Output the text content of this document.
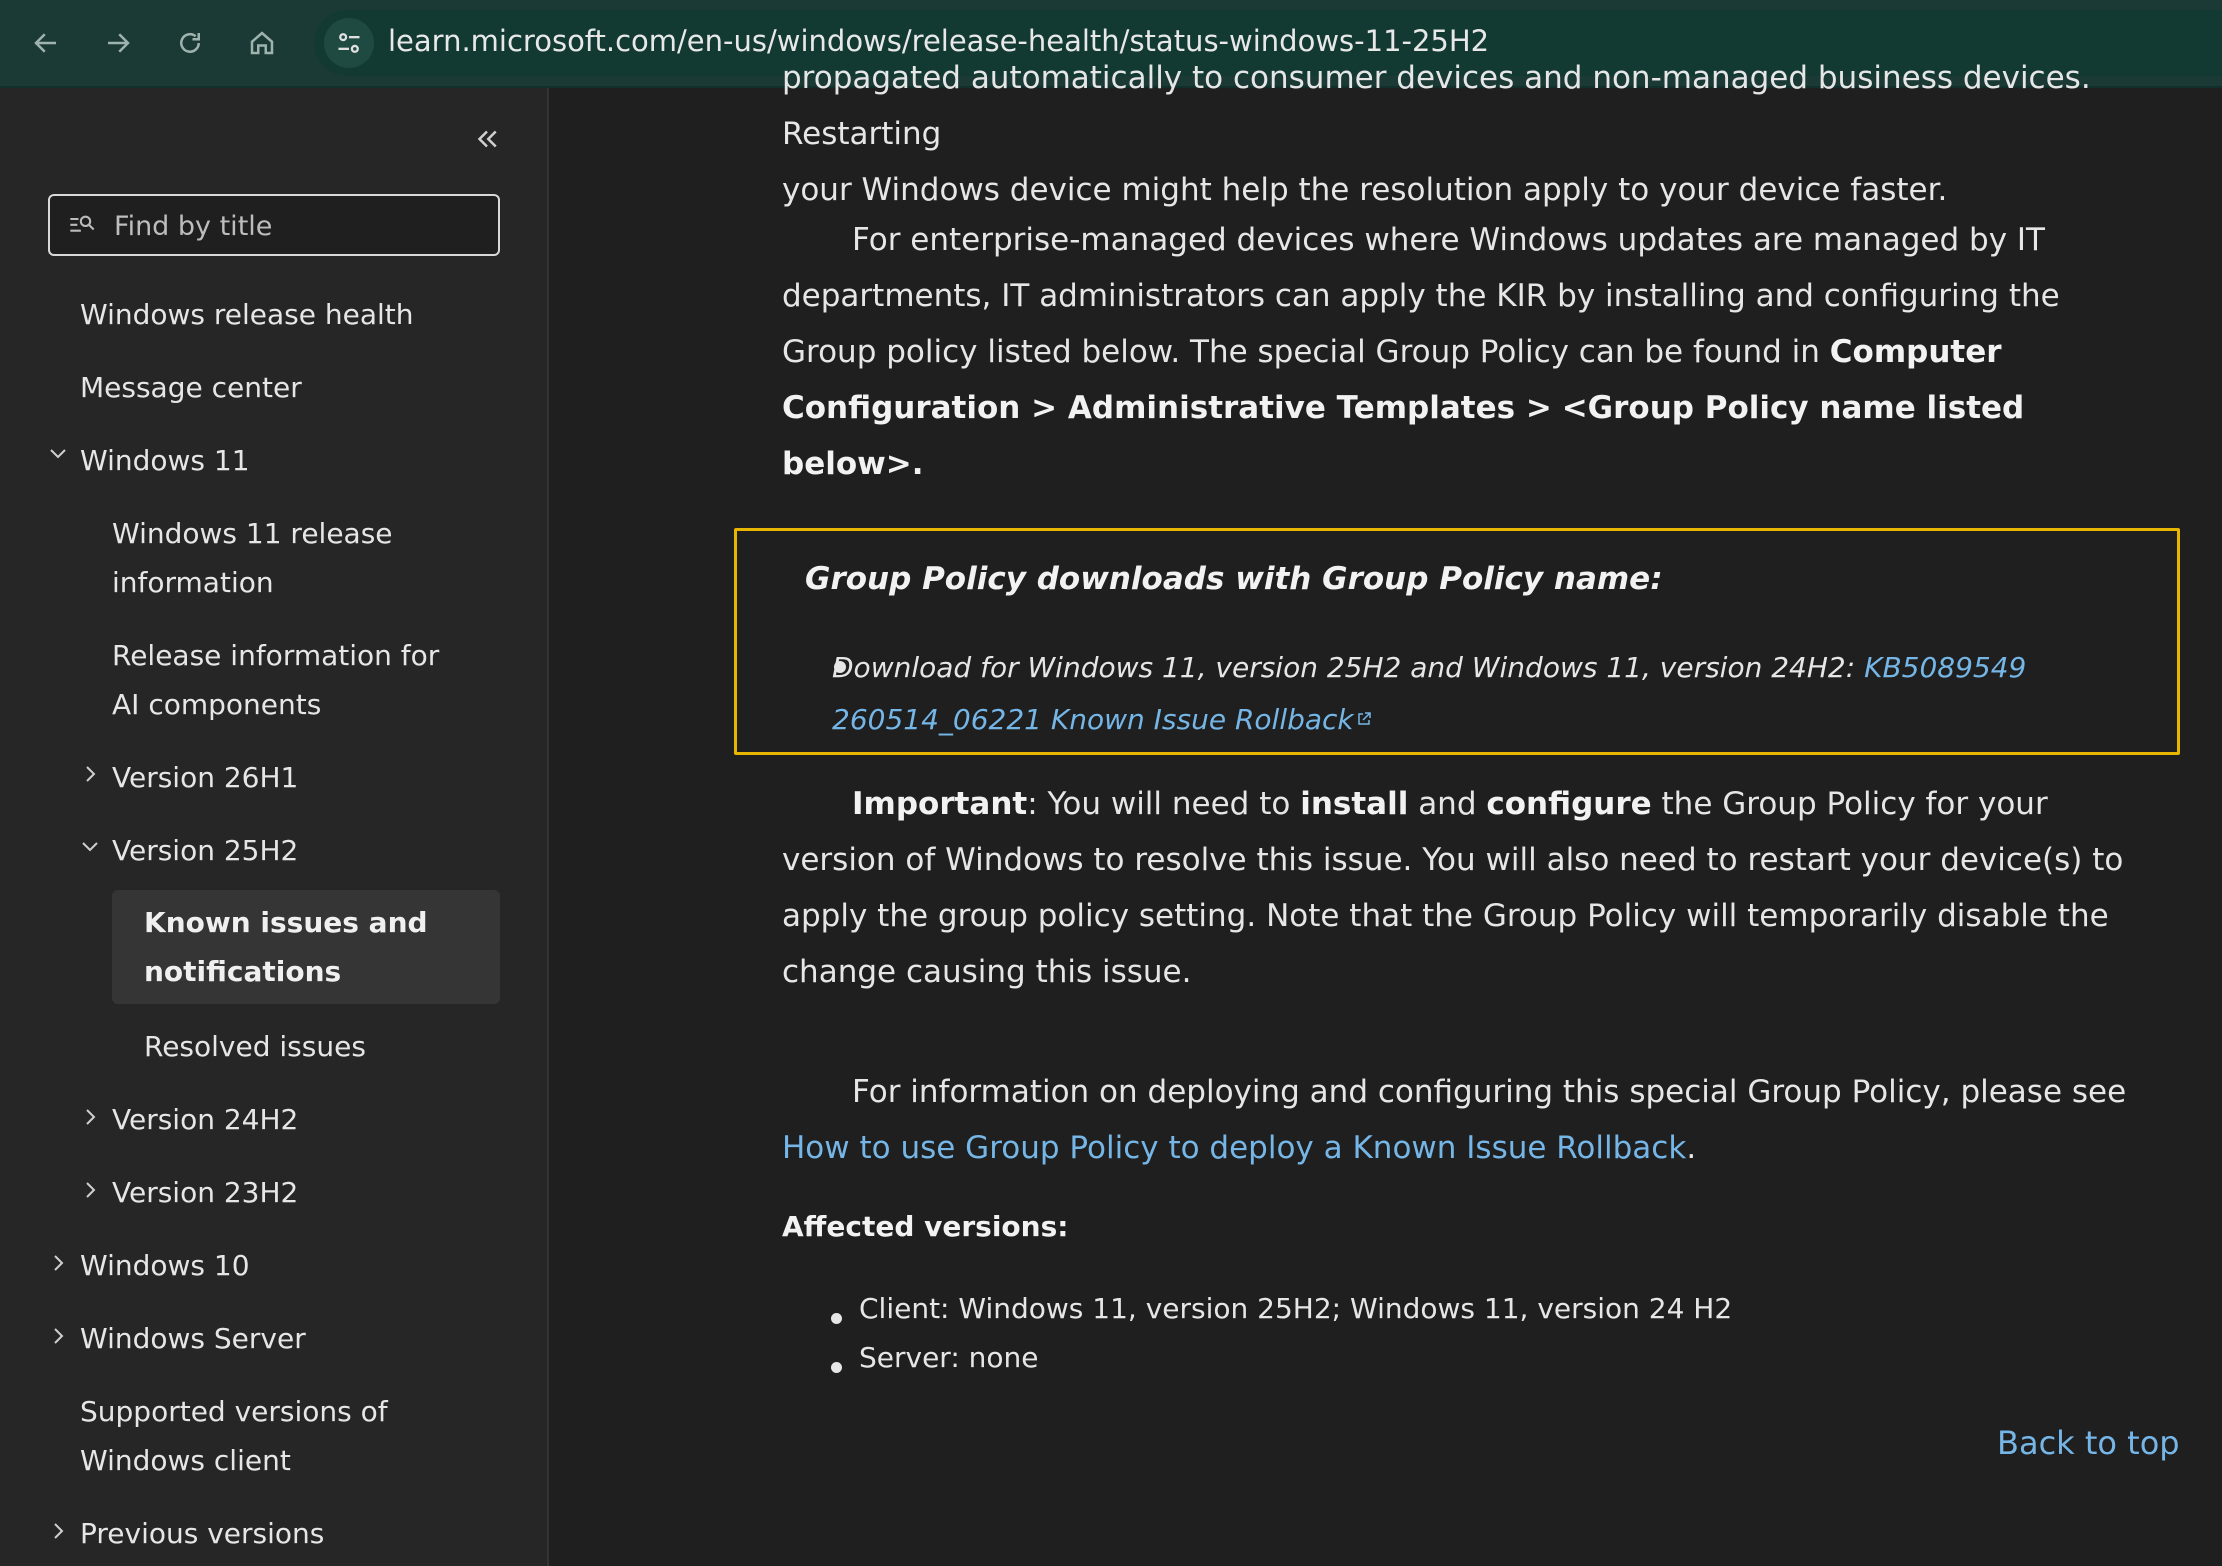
learn.microsoft.com/en-us/windows/release-health/status-windows-11-25H2
Find by title
Windows release health
Message center
Windows 11
Windows 11 release information
Release information for AI components
Version 26H1
Version 25H2
Known issues and notifications
Resolved issues
Version 24H2
Version 23H2
Windows 10
Windows Server
Supported versions of Windows client
Previous versions
propagated automatically to consumer devices and non-managed business devices. Restarting
your Windows device might help the resolution apply to your device faster.
For enterprise-managed devices where Windows updates are managed by IT departments, IT administrators can apply the KIR by installing and configuring the Group policy listed below. The special Group Policy can be found in Computer Configuration > Administrative Templates > <Group Policy name listed below>.
Group Policy downloads with Group Policy name:
Download for Windows 11, version 25H2 and Windows 11, version 24H2: KB5089549 260514_06221 Known Issue Rollback
Important: You will need to install and configure the Group Policy for your version of Windows to resolve this issue. You will also need to restart your device(s) to apply the group policy setting. Note that the Group Policy will temporarily disable the change causing this issue.
For information on deploying and configuring this special Group Policy, please see How to use Group Policy to deploy a Known Issue Rollback.
Affected versions:
Client: Windows 11, version 25H2; Windows 11, version 24 H2
Server: none
Back to top
